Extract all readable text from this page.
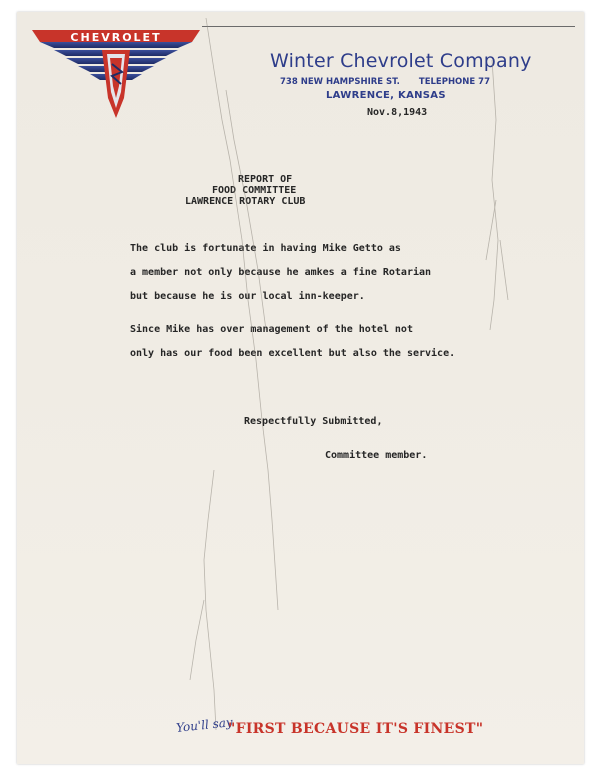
CHEVROLET
Winter Chevrolet Company
738 NEW HAMPSHIRE ST. TELEPHONE 77
LAWRENCE, KANSAS
Nov.8,1943
REPORT OF
FOOD COMMITTEE
LAWRENCE ROTARY CLUB
The club is fortunate in having Mike Getto as
a member not only because he amkes a fine Rotarian
but because he is our local inn-keeper.
Since Mike has over management of the hotel not
only has our food been excellent but also the service.
Respectfully Submitted,
Committee member.
You'll say
"FIRST BECAUSE IT'S FINEST"
